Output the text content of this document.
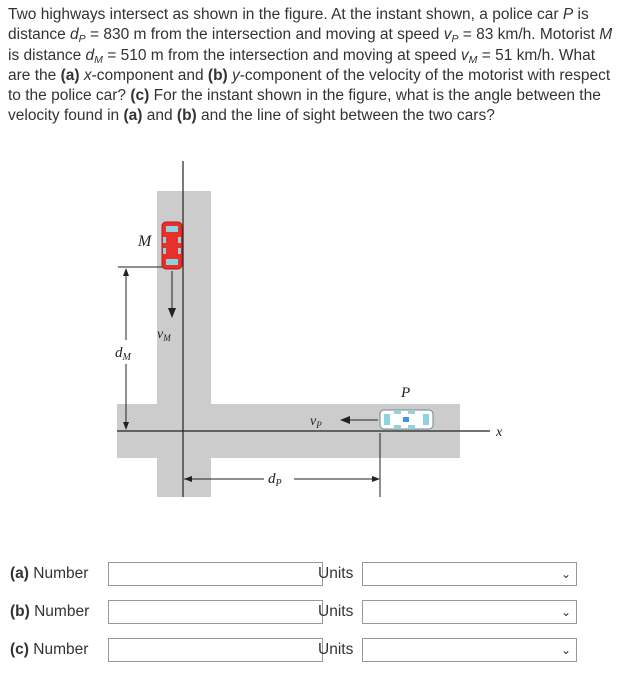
Two highways intersect as shown in the figure. At the instant shown, a police car P is distance $d_P = 830$ m from the intersection and moving at speed $v_P = 83$ km/h. Motorist M is distance $d_M = 510$ m from the intersection and moving at speed $v_M = 51$ km/h. What are the (a) x-component and (b) y-component of the velocity of the motorist with respect to the police car? (c) For the instant shown in the figure, what is the angle between the velocity found in (a) and (b) and the line of sight between the two cars?
x
$d_M$
M
$v_M$
P
$v_P$
$d_P$
(a) Number	Units	⌄
(b) Number	Units	⌄
(c) Number	Units	⌄
